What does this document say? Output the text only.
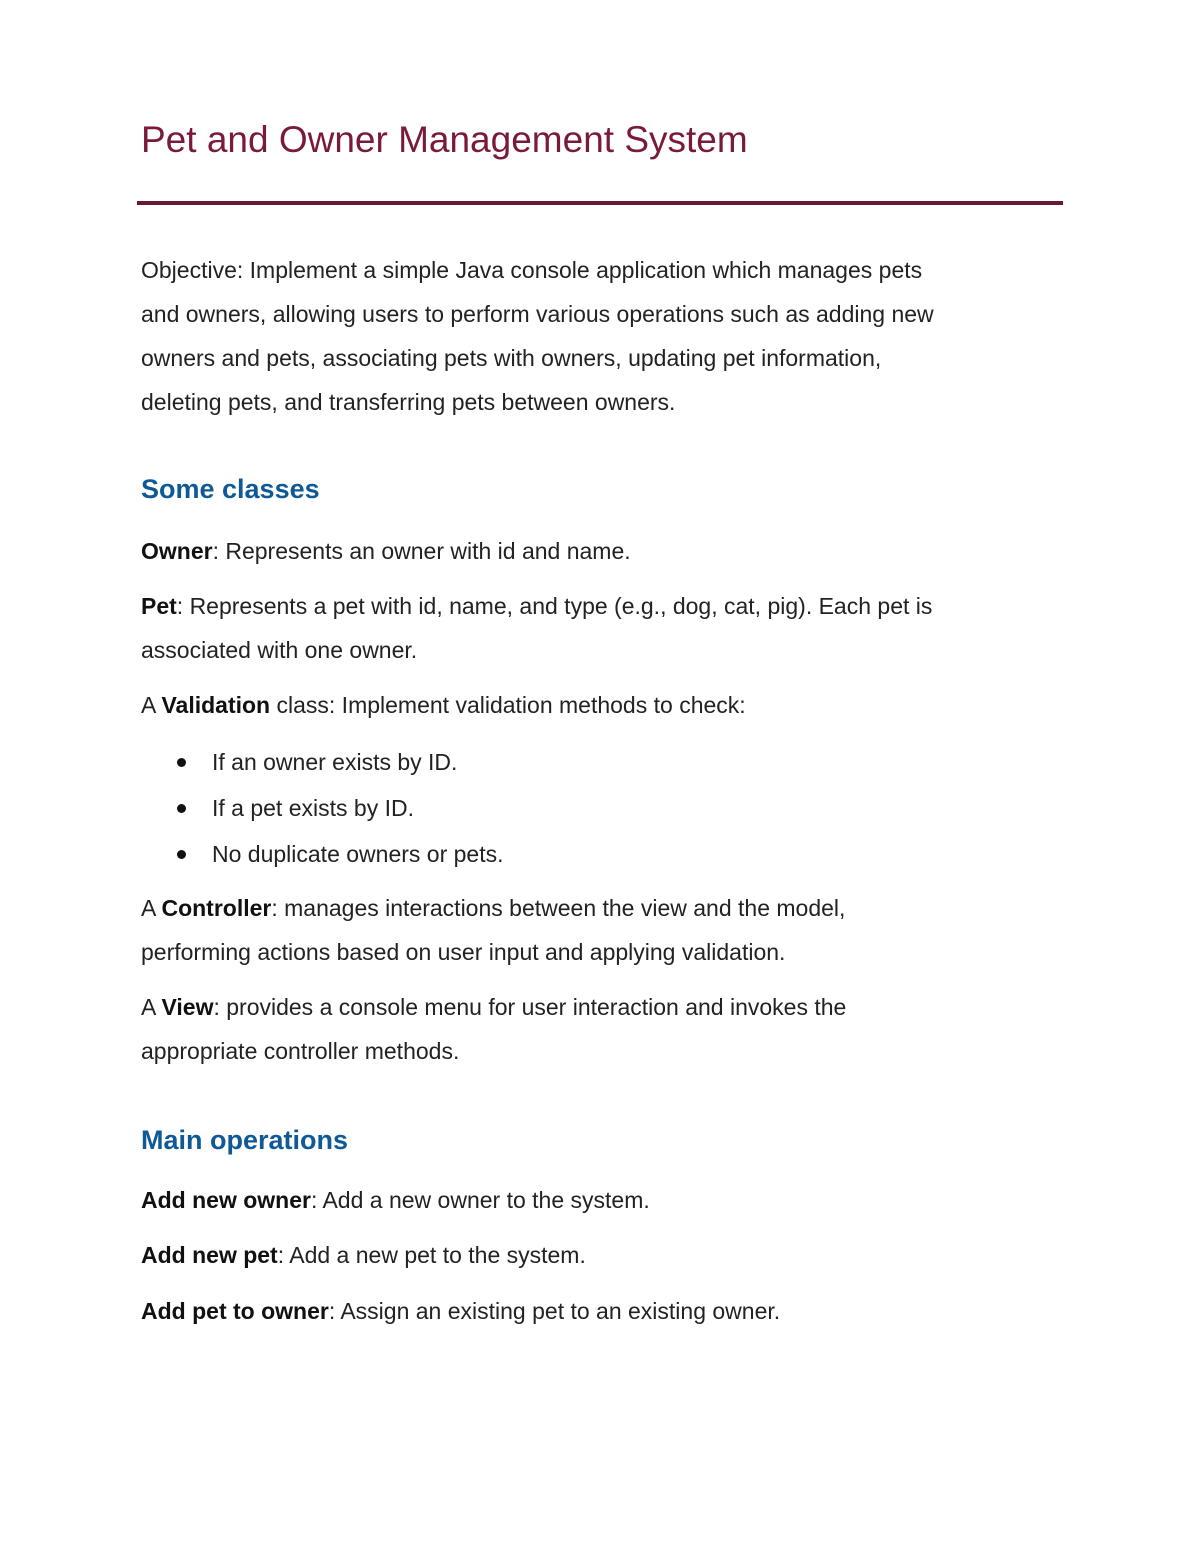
Pet and Owner Management System

Objective: Implement a simple Java console application which manages pets

and owners, allowing users to perform various operations such as adding new

owners and pets, associating pets with owners, updating pet information,

deleting pets, and transferring pets between owners.

Some classes

Owner: Represents an owner with id and name.

Pet: Represents a pet with id, name, and type (e.g., dog, cat, pig). Each pet is

associated with one owner.

A Validation class: Implement validation methods to check:

If an owner exists by ID.
If a pet exists by ID.
No duplicate owners or pets.

A Controller: manages interactions between the view and the model,

performing actions based on user input and applying validation.

A View: provides a console menu for user interaction and invokes the

appropriate controller methods.

Main operations

Add new owner: Add a new owner to the system.

Add new pet: Add a new pet to the system.

Add pet to owner: Assign an existing pet to an existing owner.
